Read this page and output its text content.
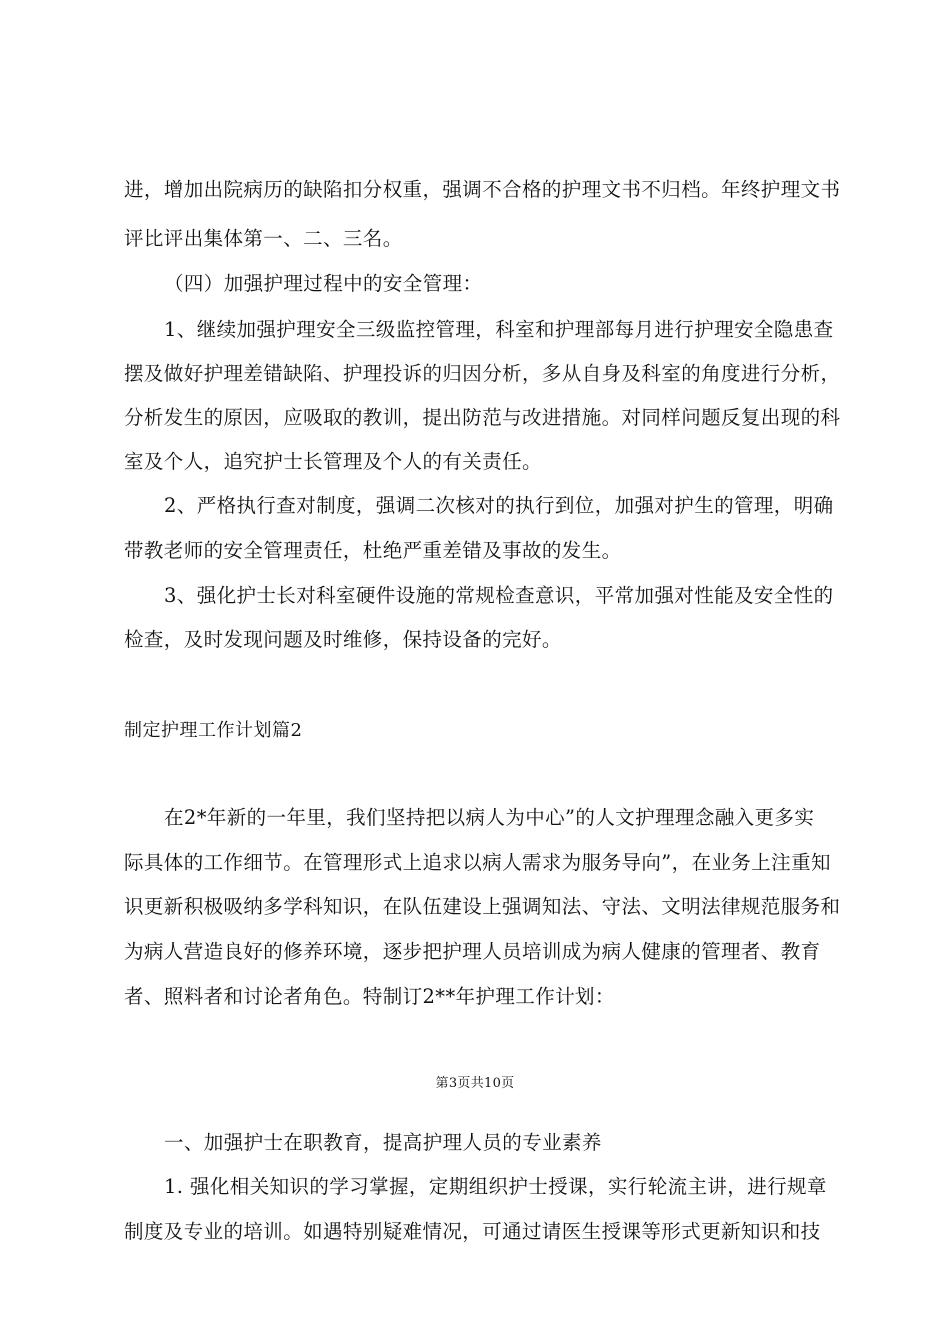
进，增加出院病历的缺陷扣分权重，强调不合格的护理文书不归档。年终护理文书
评比评出集体第一、二、三名。
（四）加强护理过程中的安全管理：
1、继续加强护理安全三级监控管理，科室和护理部每月进行护理安全隐患查
摆及做好护理差错缺陷、护理投诉的归因分析，多从自身及科室的角度进行分析，
分析发生的原因，应吸取的教训，提出防范与改进措施。对同样问题反复出现的科
室及个人，追究护士长管理及个人的有关责任。
2、严格执行查对制度，强调二次核对的执行到位，加强对护生的管理，明确
带教老师的安全管理责任，杜绝严重差错及事故的发生。
3、强化护士长对科室硬件设施的常规检查意识，平常加强对性能及安全性的
检查，及时发现问题及时维修，保持设备的完好。
制定护理工作计划篇2
在2*年新的一年里，我们坚持把以病人为中心”的人文护理理念融入更多实
际具体的工作细节。在管理形式上追求以病人需求为服务导向”，在业务上注重知
识更新积极吸纳多学科知识，在队伍建设上强调知法、守法、文明法律规范服务和
为病人营造良好的修养环境，逐步把护理人员培训成为病人健康的管理者、教育
者、照料者和讨论者角色。特制订2**年护理工作计划：
第3页共10页
一、加强护士在职教育，提高护理人员的专业素养
1. 强化相关知识的学习掌握，定期组织护士授课，实行轮流主讲，进行规章
制度及专业的培训。如遇特别疑难情况，可通过请医生授课等形式更新知识和技
